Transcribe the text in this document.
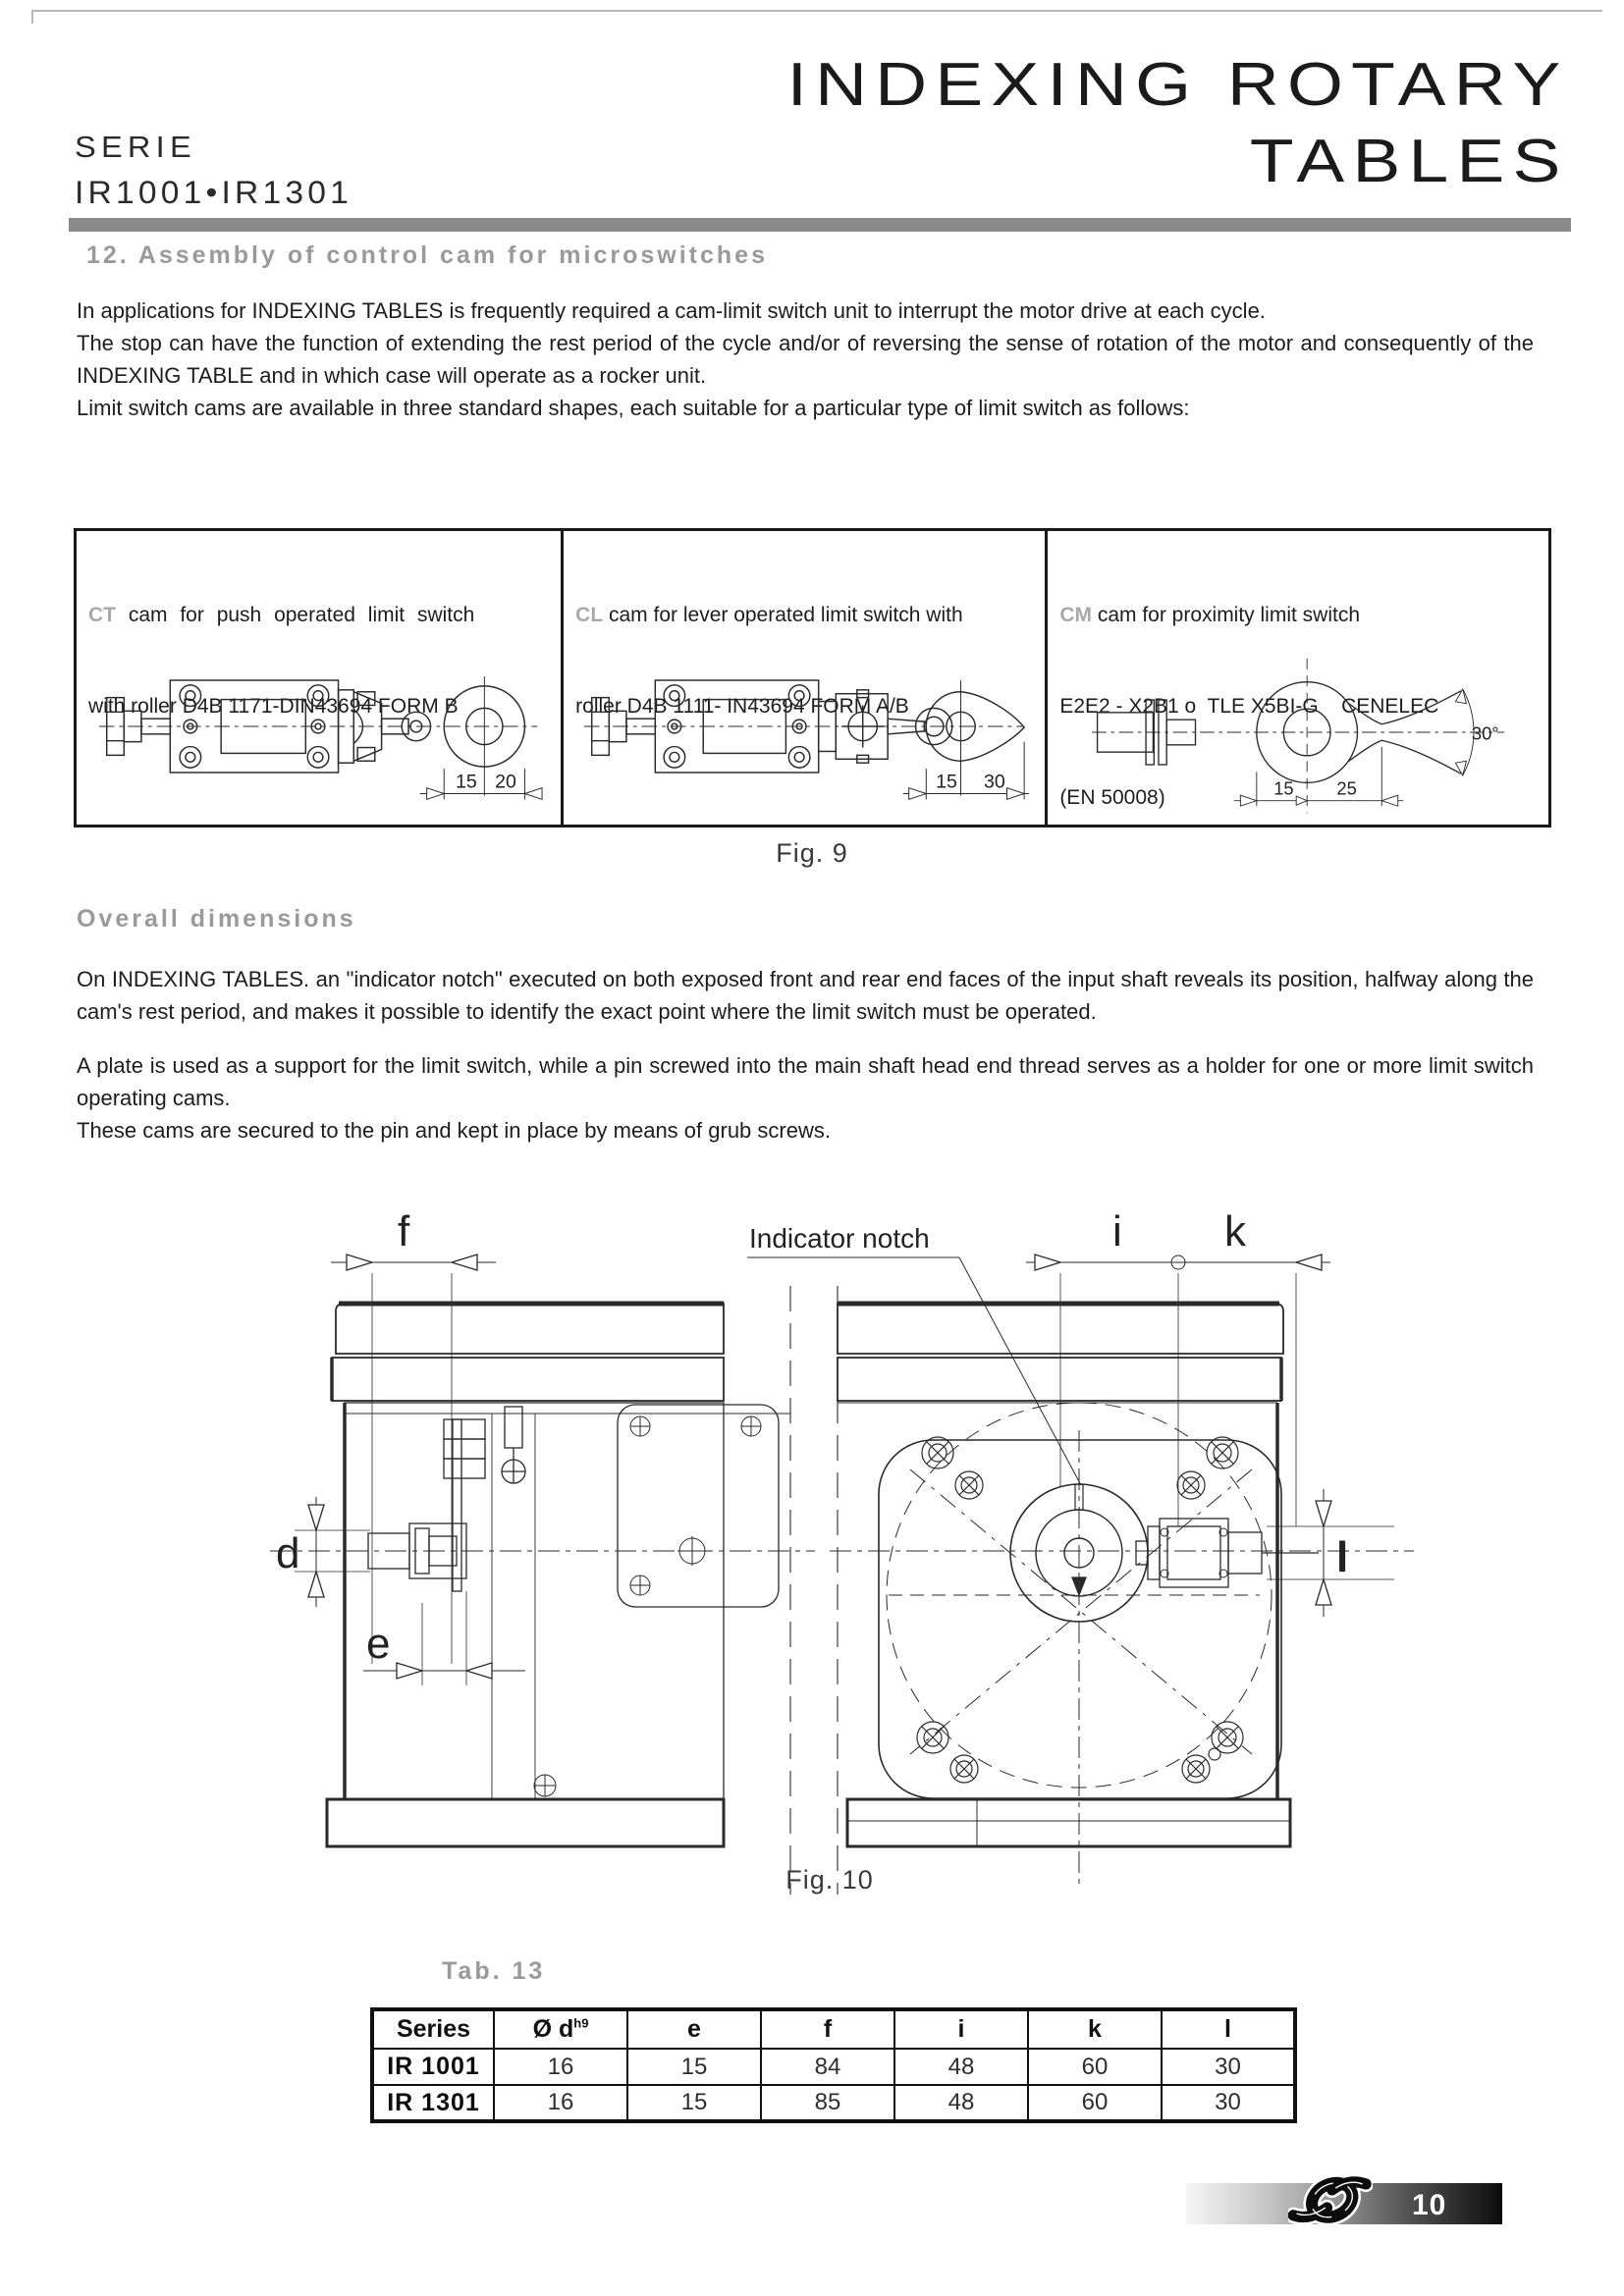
SERIE
IR1001•IR1301
INDEXING ROTARY
TABLES
12. Assembly of control cam for microswitches

In applications for INDEXING TABLES is frequently required a cam-limit switch unit to interrupt the motor drive at each cycle.

The stop can have the function of extending the rest period of the cycle and/or of reversing the sense of rotation of the motor and consequently of the INDEXING TABLE and in which case will operate as a rocker unit.

Limit switch cams are available in three standard shapes, each suitable for a particular type of limit switch as follows:

CT cam for push operated limit switch

with roller D4B 1171-DIN43694 FORM B

15 20

CL cam for lever operated limit switch with

roller D4B 1111- IN43694 FORM A/B

15 30

CM cam for proximity limit switch

E2E2 - X2B1 o  TLE X5BI-G    CENELEC

(EN 50008)

	15 25
30°

Fig. 9
Overall dimensions

On INDEXING TABLES. an "indicator notch" executed on both exposed front and rear end faces of the input shaft reveals its position, halfway along the cam's rest period, and makes it possible to identify the exact point where the limit switch must be operated.

A plate is used as a support for the limit switch, while a pin screwed into the main shaft head end thread serves as a holder for one or more limit switch operating cams.

These cams are secured to the pin and kept in place by means of grub screws.

f
d
e
i k
l
Indicator notch
Fig. 10
Tab. 13
Series	Ø $d^{h9}$	e	f	i	k	l
IR 1001	16	15	84	48	60	30
IR 1301	16	15	85	48	60	30
10
